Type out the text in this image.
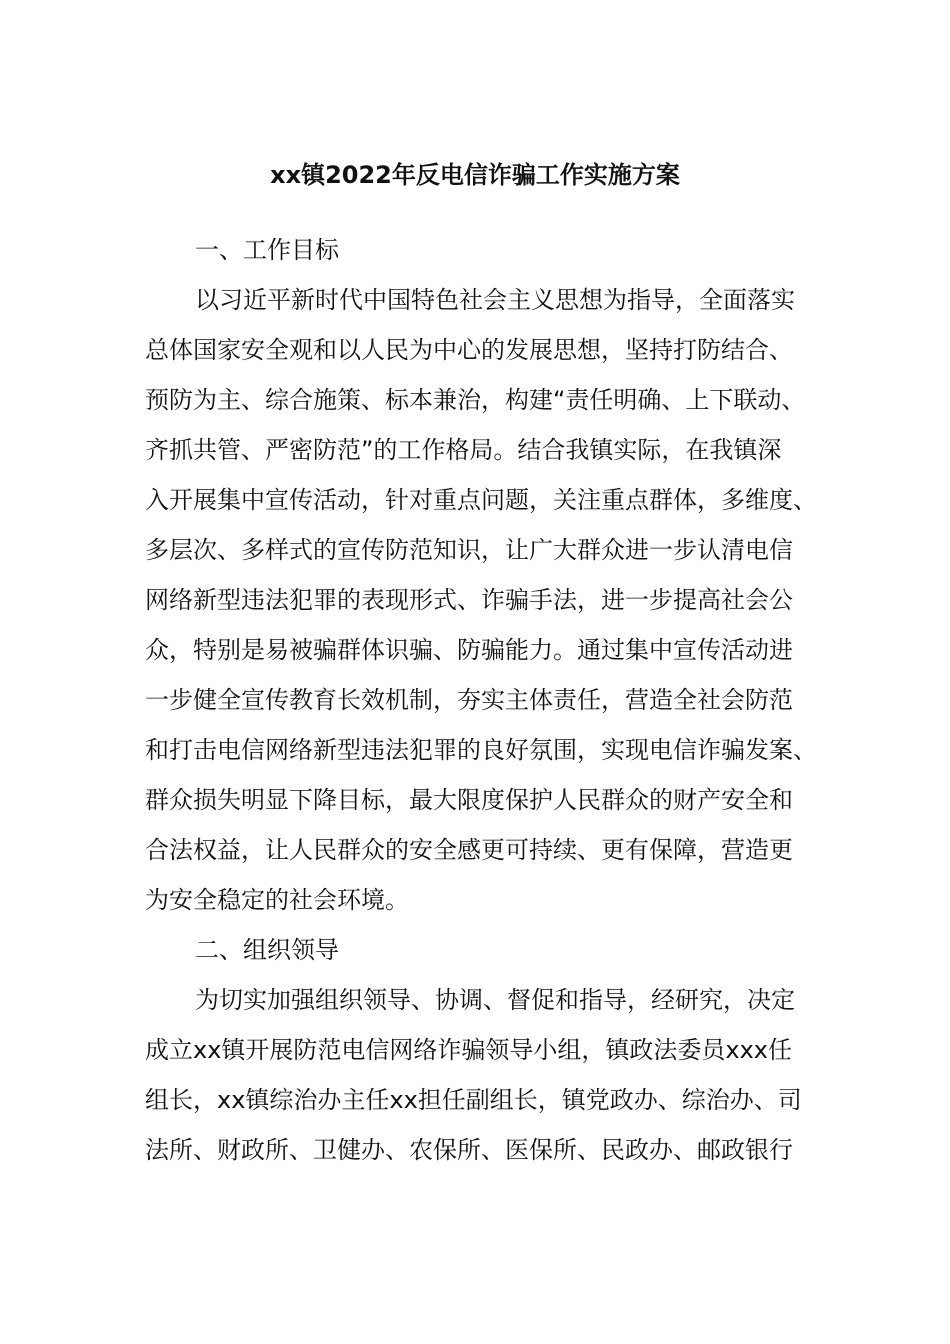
xx镇2022年反电信诈骗工作实施方案

一、工作目标

以习近平新时代中国特色社会主义思想为指导，全面落实

总体国家安全观和以人民为中心的发展思想，坚持打防结合、

预防为主、综合施策、标本兼治，构建“责任明确、上下联动、

齐抓共管、严密防范”的工作格局。结合我镇实际，在我镇深

入开展集中宣传活动，针对重点问题，关注重点群体，多维度、

多层次、多样式的宣传防范知识，让广大群众进一步认清电信

网络新型违法犯罪的表现形式、诈骗手法，进一步提高社会公

众，特别是易被骗群体识骗、防骗能力。通过集中宣传活动进

一步健全宣传教育长效机制，夯实主体责任，营造全社会防范

和打击电信网络新型违法犯罪的良好氛围，实现电信诈骗发案、

群众损失明显下降目标，最大限度保护人民群众的财产安全和

合法权益，让人民群众的安全感更可持续、更有保障，营造更

为安全稳定的社会环境。

二、组织领导

为切实加强组织领导、协调、督促和指导，经研究，决定

成立xx镇开展防范电信网络诈骗领导小组，镇政法委员xxx任

组长，xx镇综治办主任xx担任副组长，镇党政办、综治办、司

法所、财政所、卫健办、农保所、医保所、民政办、邮政银行
